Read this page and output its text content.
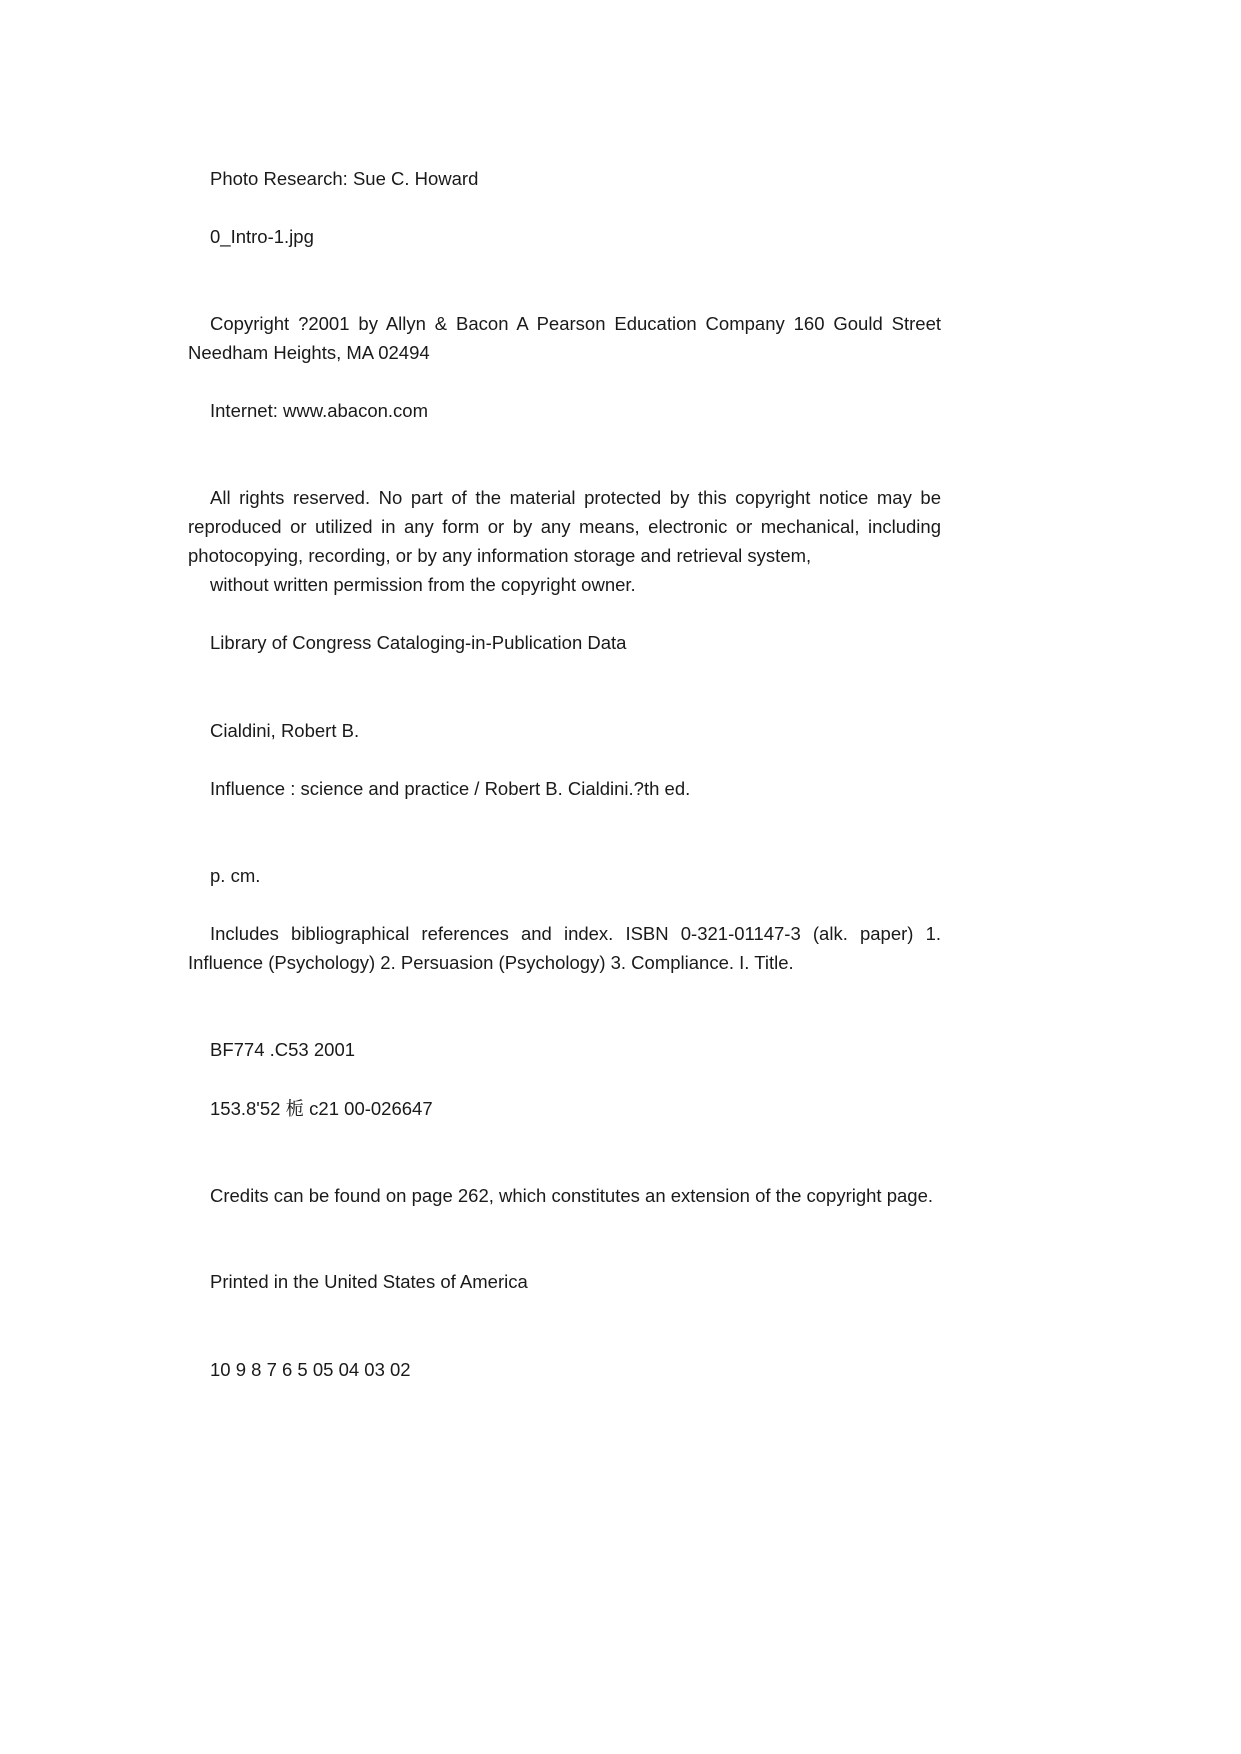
Photo Research: Sue C. Howard

0_Intro-1.jpg

Copyright ?2001 by Allyn & Bacon A Pearson Education Company 160 Gould Street Needham Heights, MA 02494

Internet: www.abacon.com

All rights reserved. No part of the material protected by this copyright notice may be reproduced or utilized in any form or by any means, electronic or mechanical, including photocopying, recording, or by any information storage and retrieval system,

without written permission from the copyright owner.

Library of Congress Cataloging-in-Publication Data

Cialdini, Robert B.

Influence : science and practice / Robert B. Cialdini.?th ed.

p. cm.

Includes bibliographical references and index. ISBN 0-321-01147-3 (alk. paper) 1. Influence (Psychology) 2. Persuasion (Psychology) 3. Compliance. I. Title.

BF774 .C53 2001

153.8'52 栀 c21 00-026647

Credits can be found on page 262, which constitutes an extension of the copyright page.

Printed in the United States of America

10 9 8 7 6 5 05 04 03 02
